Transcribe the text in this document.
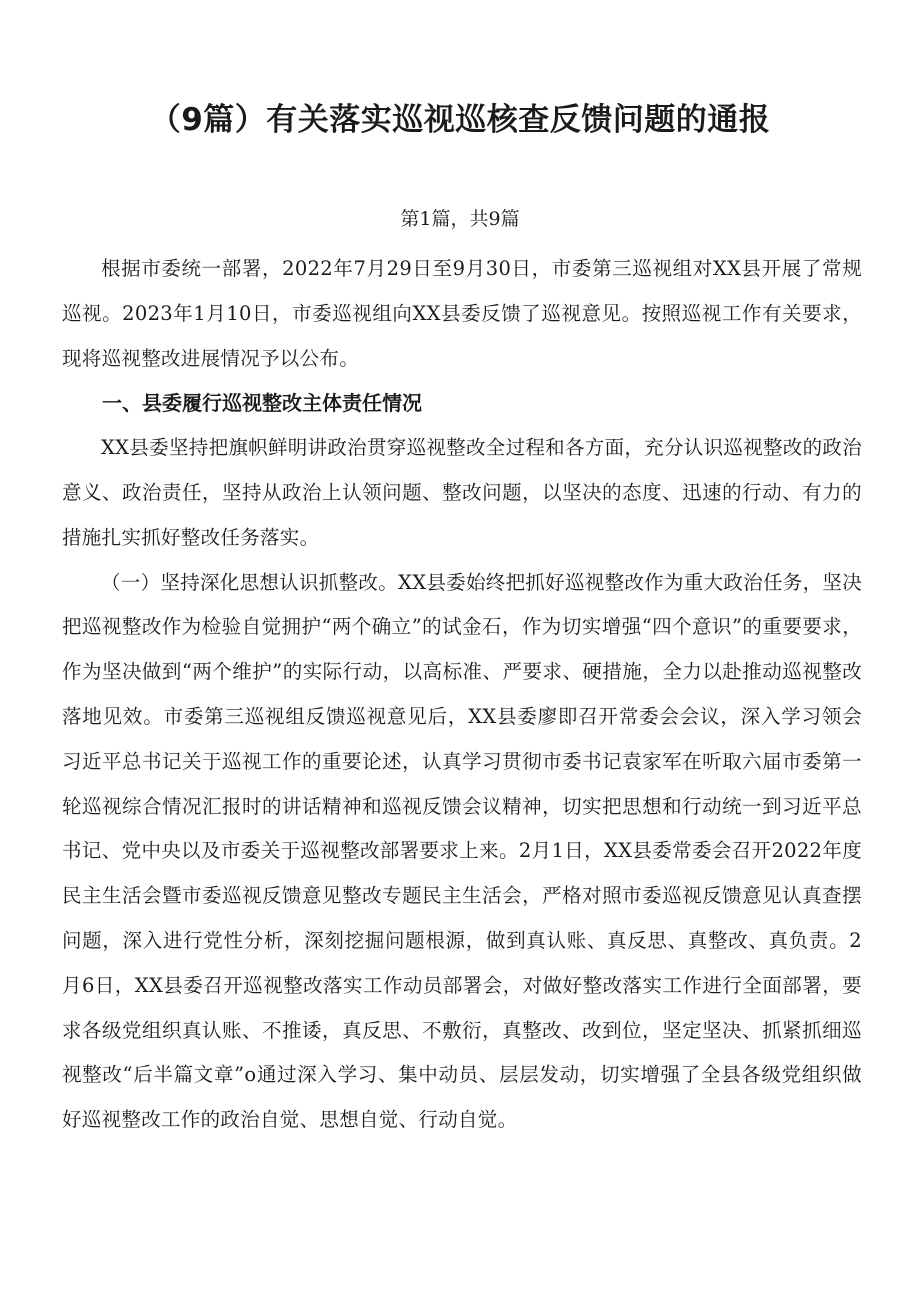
（9篇）有关落实巡视巡核查反馈问题的通报
第1篇，共9篇

根据市委统一部署，2022年7月29日至9月30日，市委第三巡视组对XX县开展了常规巡视。2023年1月10日，市委巡视组向XX县委反馈了巡视意见。按照巡视工作有关要求，现将巡视整改进展情况予以公布。

一、县委履行巡视整改主体责任情况

XX县委坚持把旗帜鲜明讲政治贯穿巡视整改全过程和各方面，充分认识巡视整改的政治意义、政治责任，坚持从政治上认领问题、整改问题，以坚决的态度、迅速的行动、有力的措施扎实抓好整改任务落实。

（一）坚持深化思想认识抓整改。XX县委始终把抓好巡视整改作为重大政治任务，坚决把巡视整改作为检验自觉拥护“两个确立”的试金石，作为切实增强“四个意识”的重要要求，作为坚决做到“两个维护”的实际行动，以高标准、严要求、硬措施，全力以赴推动巡视整改落地见效。市委第三巡视组反馈巡视意见后，XX县委廖即召开常委会会议，深入学习领会习近平总书记关于巡视工作的重要论述，认真学习贯彻市委书记袁家军在听取六届市委第一轮巡视综合情况汇报时的讲话精神和巡视反馈会议精神，切实把思想和行动统一到习近平总书记、党中央以及市委关于巡视整改部署要求上来。2月1日，XX县委常委会召开2022年度民主生活会暨市委巡视反馈意见整改专题民主生活会，严格对照市委巡视反馈意见认真查摆问题，深入进行党性分析，深刻挖掘问题根源，做到真认账、真反思、真整改、真负责。2月6日，XX县委召开巡视整改落实工作动员部署会，对做好整改落实工作进行全面部署，要求各级党组织真认账、不推诿，真反思、不敷衍，真整改、改到位，坚定坚决、抓紧抓细巡视整改“后半篇文章”o通过深入学习、集中动员、层层发动，切实增强了全县各级党组织做好巡视整改工作的政治自觉、思想自觉、行动自觉。
